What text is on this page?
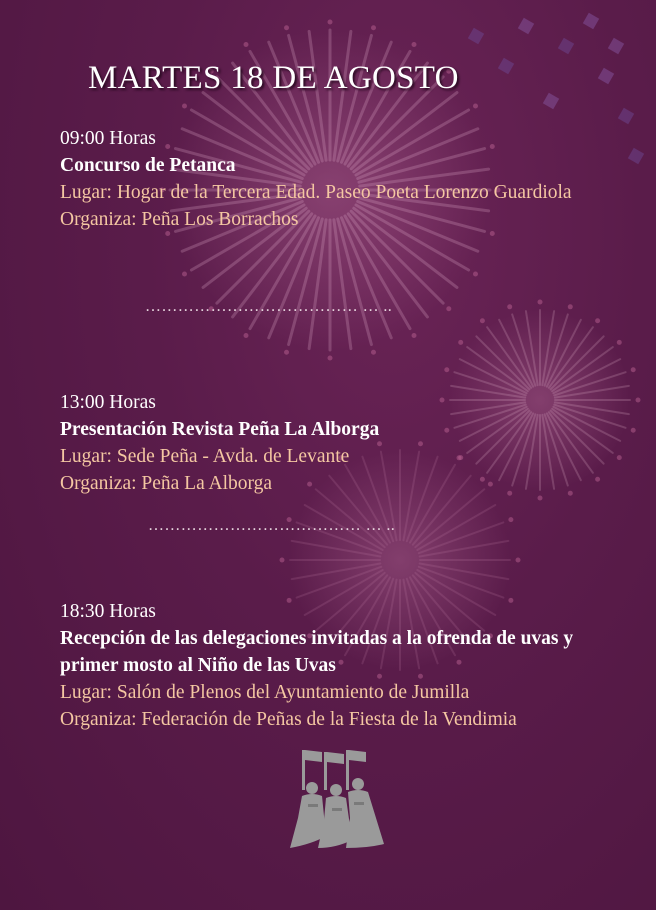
MARTES 18 DE AGOSTO
09:00 Horas
Concurso de Petanca
Lugar: Hogar de la Tercera Edad. Paseo Poeta Lorenzo Guardiola
Organiza: Peña Los Borrachos
………………………………… … ..
13:00 Horas
Presentación Revista Peña La Alborga
Lugar: Sede Peña - Avda. de Levante
Organiza: Peña La Alborga
………………………………… … ..
18:30 Horas
Recepción de las delegaciones invitadas a la ofrenda de uvas y primer mosto al Niño de las Uvas
Lugar: Salón de Plenos del Ayuntamiento de Jumilla
Organiza: Federación de Peñas de la Fiesta de la Vendimia
